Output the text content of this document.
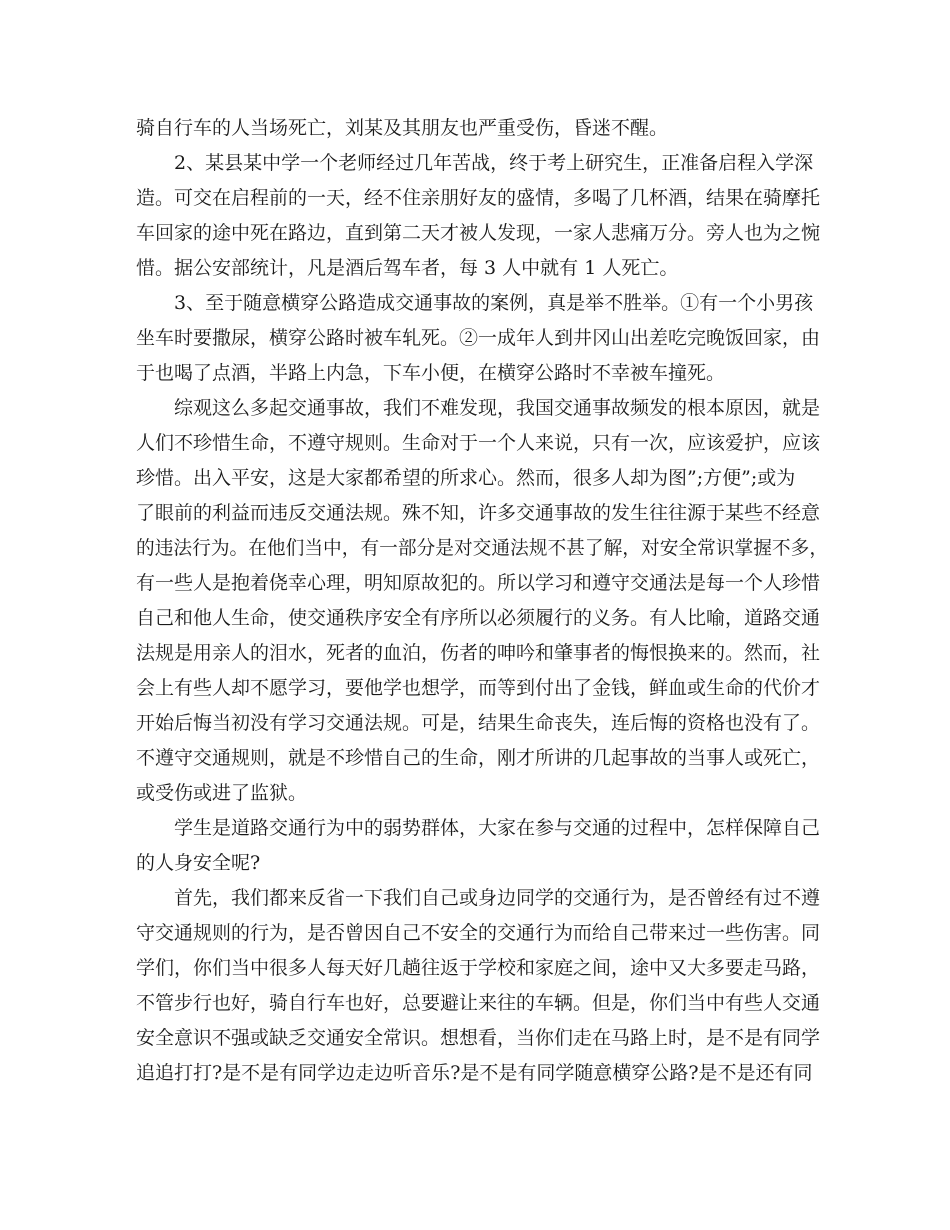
骑自行车的人当场死亡，刘某及其朋友也严重受伤，昏迷不醒。
2、某县某中学一个老师经过几年苦战，终于考上研究生，正准备启程入学深
造。可交在启程前的一天，经不住亲朋好友的盛情，多喝了几杯酒，结果在骑摩托
车回家的途中死在路边，直到第二天才被人发现，一家人悲痛万分。旁人也为之惋
惜。据公安部统计，凡是酒后驾车者，每 3 人中就有 1 人死亡。
3、至于随意横穿公路造成交通事故的案例，真是举不胜举。①有一个小男孩
坐车时要撒尿，横穿公路时被车轧死。②一成年人到井冈山出差吃完晚饭回家，由
于也喝了点酒，半路上内急，下车小便，在横穿公路时不幸被车撞死。
综观这么多起交通事故，我们不难发现，我国交通事故频发的根本原因，就是
人们不珍惜生命，不遵守规则。生命对于一个人来说，只有一次，应该爱护，应该
珍惜。出入平安，这是大家都希望的所求心。然而，很多人却为图”;方便”;或为
了眼前的利益而违反交通法规。殊不知，许多交通事故的发生往往源于某些不经意
的违法行为。在他们当中，有一部分是对交通法规不甚了解，对安全常识掌握不多，
有一些人是抱着侥幸心理，明知原故犯的。所以学习和遵守交通法是每一个人珍惜
自己和他人生命，使交通秩序安全有序所以必须履行的义务。有人比喻，道路交通
法规是用亲人的泪水，死者的血泊，伤者的呻吟和肇事者的悔恨换来的。然而，社
会上有些人却不愿学习，要他学也想学，而等到付出了金钱，鲜血或生命的代价才
开始后悔当初没有学习交通法规。可是，结果生命丧失，连后悔的资格也没有了。
不遵守交通规则，就是不珍惜自己的生命，刚才所讲的几起事故的当事人或死亡，
或受伤或进了监狱。
学生是道路交通行为中的弱势群体，大家在参与交通的过程中，怎样保障自己
的人身安全呢?
首先，我们都来反省一下我们自己或身边同学的交通行为，是否曾经有过不遵
守交通规则的行为，是否曾因自己不安全的交通行为而给自己带来过一些伤害。同
学们，你们当中很多人每天好几趟往返于学校和家庭之间，途中又大多要走马路，
不管步行也好，骑自行车也好，总要避让来往的车辆。但是，你们当中有些人交通
安全意识不强或缺乏交通安全常识。想想看，当你们走在马路上时，是不是有同学
追追打打?是不是有同学边走边听音乐?是不是有同学随意横穿公路?是不是还有同
